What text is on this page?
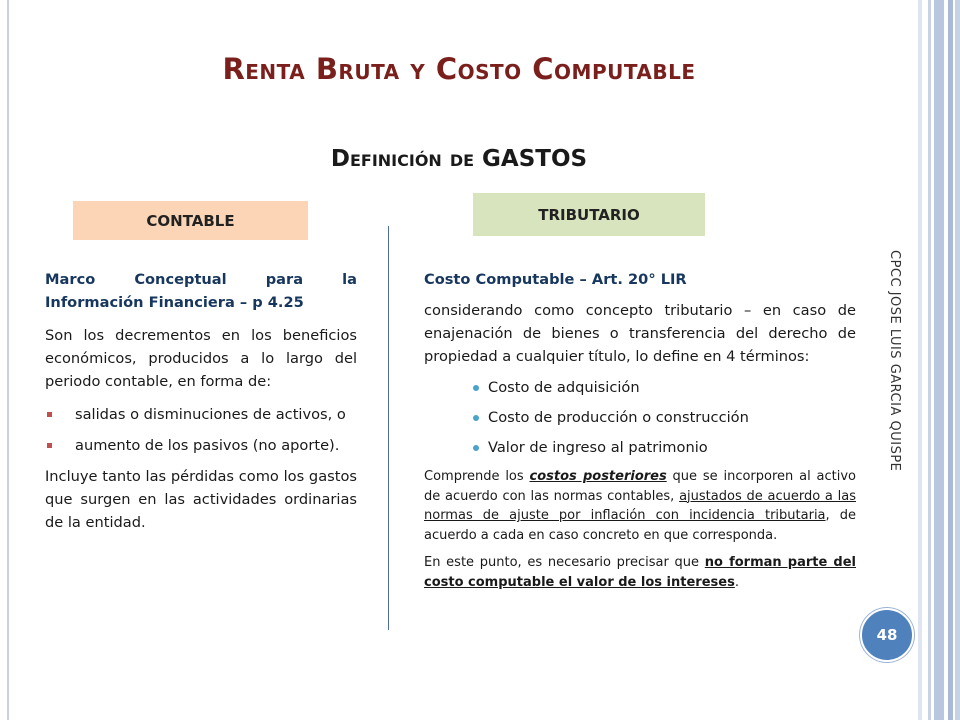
Renta Bruta y Costo Computable
Definición de GASTOS
CONTABLE	TRIBUTARIO

Marco Conceptual para la Información Financiera – p 4.25

Son los decrementos en los beneficios económicos, producidos a lo largo del periodo contable, en forma de:

salidas o disminuciones de activos, o
aumento de los pasivos (no aporte).

Incluye tanto las pérdidas como los gastos que surgen en las actividades ordinarias de la entidad.

Costo Computable – Art. 20° LIR

considerando como concepto tributario – en caso de enajenación de bienes o transferencia del derecho de propiedad a cualquier título, lo define en 4 términos:

Costo de adquisición
Costo de producción o construcción
Valor de ingreso al patrimonio

Comprende los costos posteriores que se incorporen al activo de acuerdo con las normas contables, ajustados de acuerdo a las normas de ajuste por inflación con incidencia tributaria, de acuerdo a cada en caso concreto en que corresponda.

En este punto, es necesario precisar que no forman parte del costo computable el valor de los intereses.

CPCC JOSE LUIS GARCIA QUISPE
48
